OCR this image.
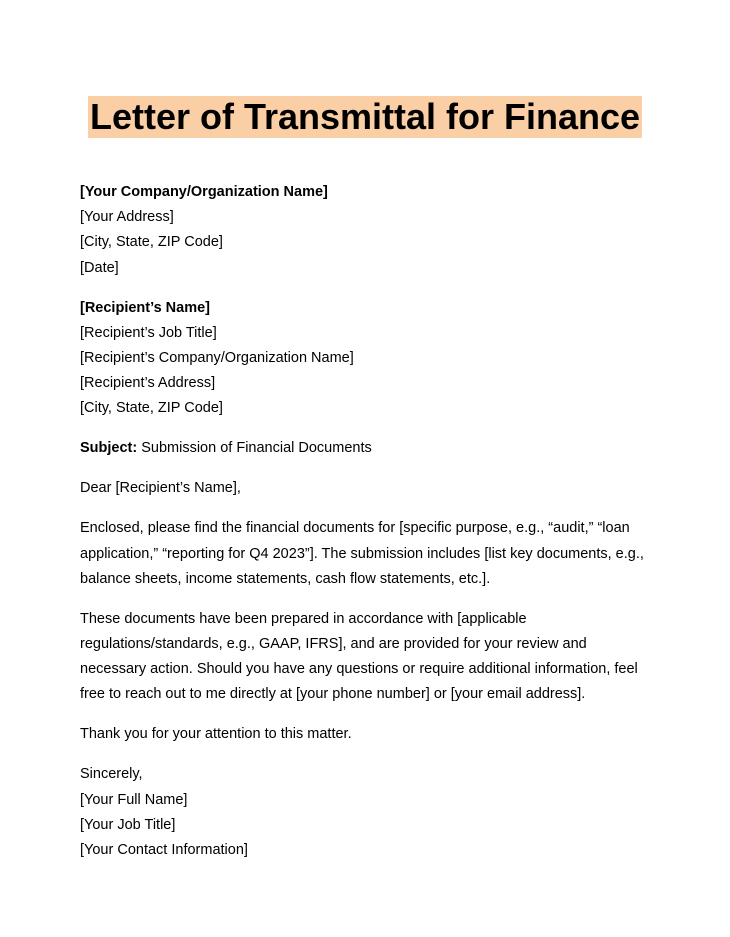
Letter of Transmittal for Finance
[Your Company/Organization Name]
[Your Address]
[City, State, ZIP Code]
[Date]
[Recipient’s Name]
[Recipient’s Job Title]
[Recipient’s Company/Organization Name]
[Recipient’s Address]
[City, State, ZIP Code]
Subject: Submission of Financial Documents
Dear [Recipient’s Name],
Enclosed, please find the financial documents for [specific purpose, e.g., “audit,” “loan
application,” “reporting for Q4 2023”]. The submission includes [list key documents, e.g.,
balance sheets, income statements, cash flow statements, etc.].
These documents have been prepared in accordance with [applicable
regulations/standards, e.g., GAAP, IFRS], and are provided for your review and
necessary action. Should you have any questions or require additional information, feel
free to reach out to me directly at [your phone number] or [your email address].
Thank you for your attention to this matter.
Sincerely,
[Your Full Name]
[Your Job Title]
[Your Contact Information]
